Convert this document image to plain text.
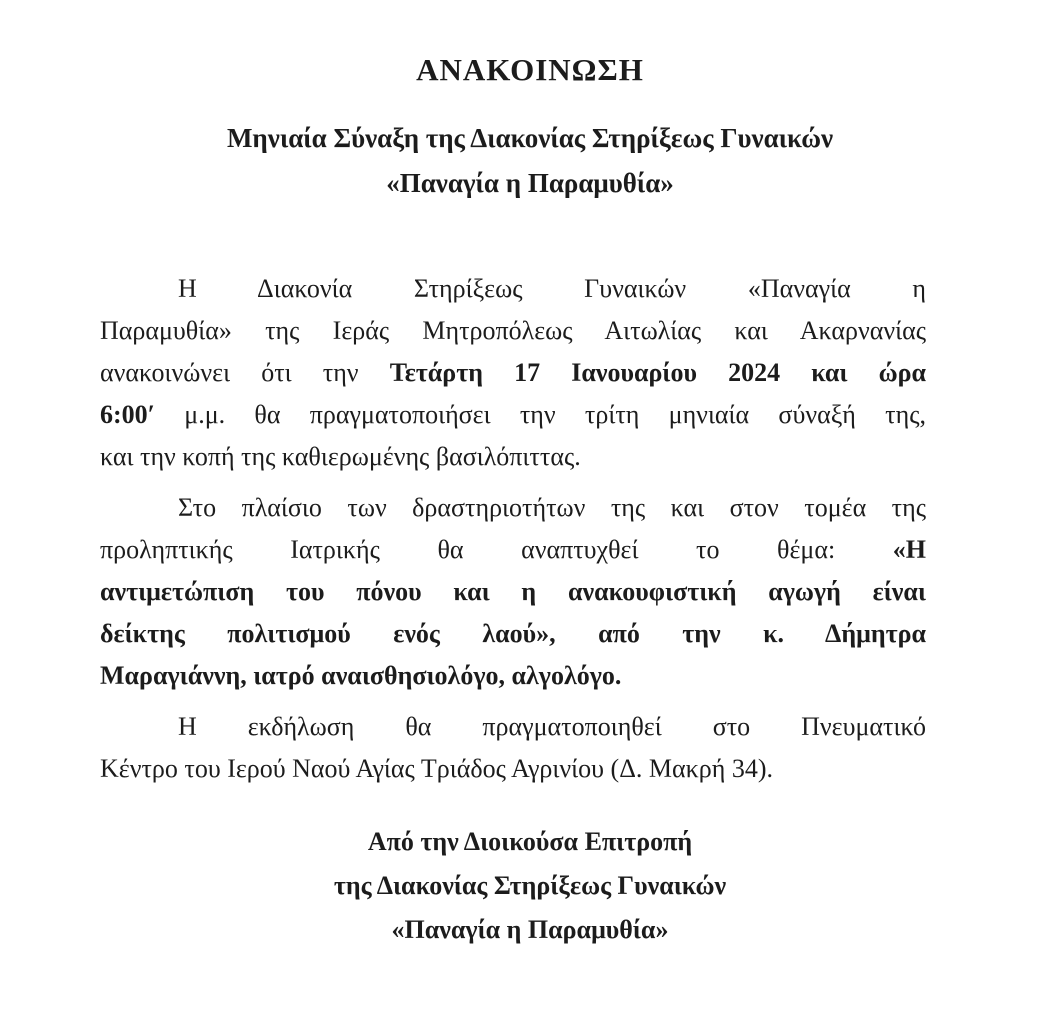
ΑΝΑΚΟΙΝΩΣΗ
Μηνιαία Σύναξη της Διακονίας Στηρίξεως Γυναικών
«Παναγία η Παραμυθία»
Η Διακονία Στηρίξεως Γυναικών «Παναγία η
Παραμυθία» της Ιεράς Μητροπόλεως Αιτωλίας και Ακαρνανίας
ανακοινώνει ότι την Τετάρτη 17 Ιανουαρίου 2024 και ώρα
6:00′ μ.μ. θα πραγματοποιήσει την τρίτη μηνιαία σύναξή της,
και την κοπή της καθιερωμένης βασιλόπιττας.
Στο πλαίσιο των δραστηριοτήτων της και στον τομέα της
προληπτικής Ιατρικής θα αναπτυχθεί το θέμα: «Η
αντιμετώπιση του πόνου και η ανακουφιστική αγωγή είναι
δείκτης πολιτισμού ενός λαού», από την κ. Δήμητρα
Μαραγιάννη, ιατρό αναισθησιολόγο, αλγολόγο.
Η εκδήλωση θα πραγματοποιηθεί στο Πνευματικό
Κέντρο του Ιερού Ναού Αγίας Τριάδος Αγρινίου (Δ. Μακρή 34).
Από την Διοικούσα Επιτροπή
της Διακονίας Στηρίξεως Γυναικών
«Παναγία η Παραμυθία»
